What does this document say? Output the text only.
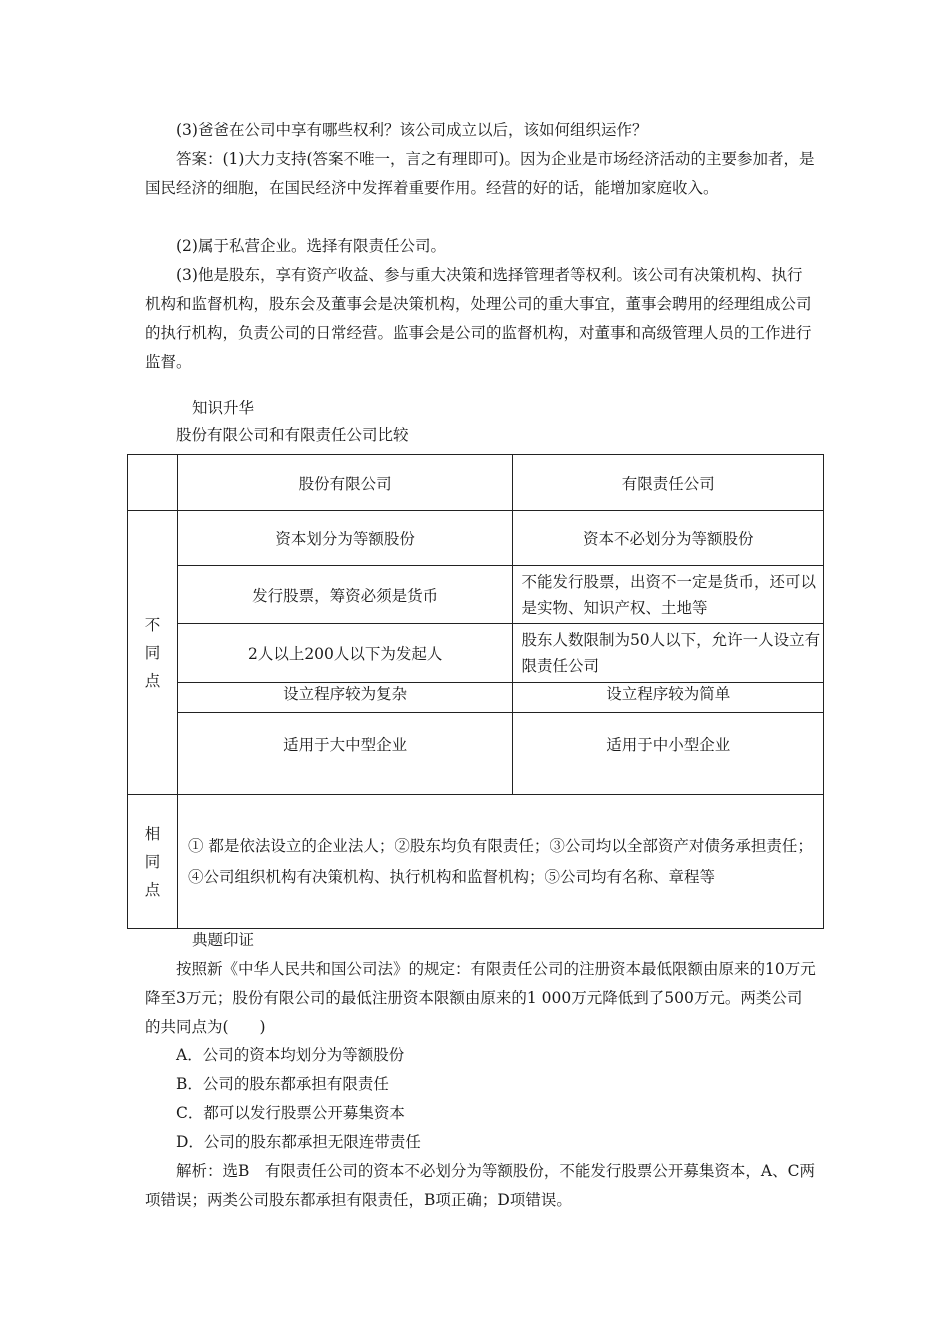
(3)爸爸在公司中享有哪些权利？该公司成立以后，该如何组织运作？

答案：(1)大力支持(答案不唯一，言之有理即可)。因为企业是市场经济活动的主要参加者，是国民经济的细胞，在国民经济中发挥着重要作用。经营的好的话，能增加家庭收入。

(2)属于私营企业。选择有限责任公司。

(3)他是股东，享有资产收益、参与重大决策和选择管理者等权利。该公司有决策机构、执行机构和监督机构，股东会及董事会是决策机构，处理公司的重大事宜，董事会聘用的经理组成公司的执行机构，负责公司的日常经营。监事会是公司的监督机构，对董事和高级管理人员的工作进行监督。

知识升华

股份有限公司和有限责任公司比较

	股份有限公司	有限责任公司

不
同
点	资本划分为等额股份	资本不必划分为等额股份
	发行股票，筹资必须是货币	不能发行股票，出资不一定是货币，还可以是实物、知识产权、土地等
	2人以上200人以下为发起人	股东人数限制为50人以下，允许一人设立有限责任公司
	设立程序较为复杂	设立程序较为简单
	适用于大中型企业	适用于中小型企业

相
同
点	① 都是依法设立的企业法人；②股东均负有限责任；③公司均以全部资产对债务承担责任；④公司组织机构有决策机构、执行机构和监督机构；⑤公司均有名称、章程等	

典题印证

按照新《中华人民共和国公司法》的规定：有限责任公司的注册资本最低限额由原来的10万元降至3万元；股份有限公司的最低注册资本限额由原来的1 000万元降低到了500万元。两类公司的共同点为(　　)

A．公司的资本均划分为等额股份

B．公司的股东都承担有限责任

C．都可以发行股票公开募集资本

D．公司的股东都承担无限连带责任

解析：选B　有限责任公司的资本不必划分为等额股份，不能发行股票公开募集资本，A、C两项错误；两类公司股东都承担有限责任，B项正确；D项错误。
